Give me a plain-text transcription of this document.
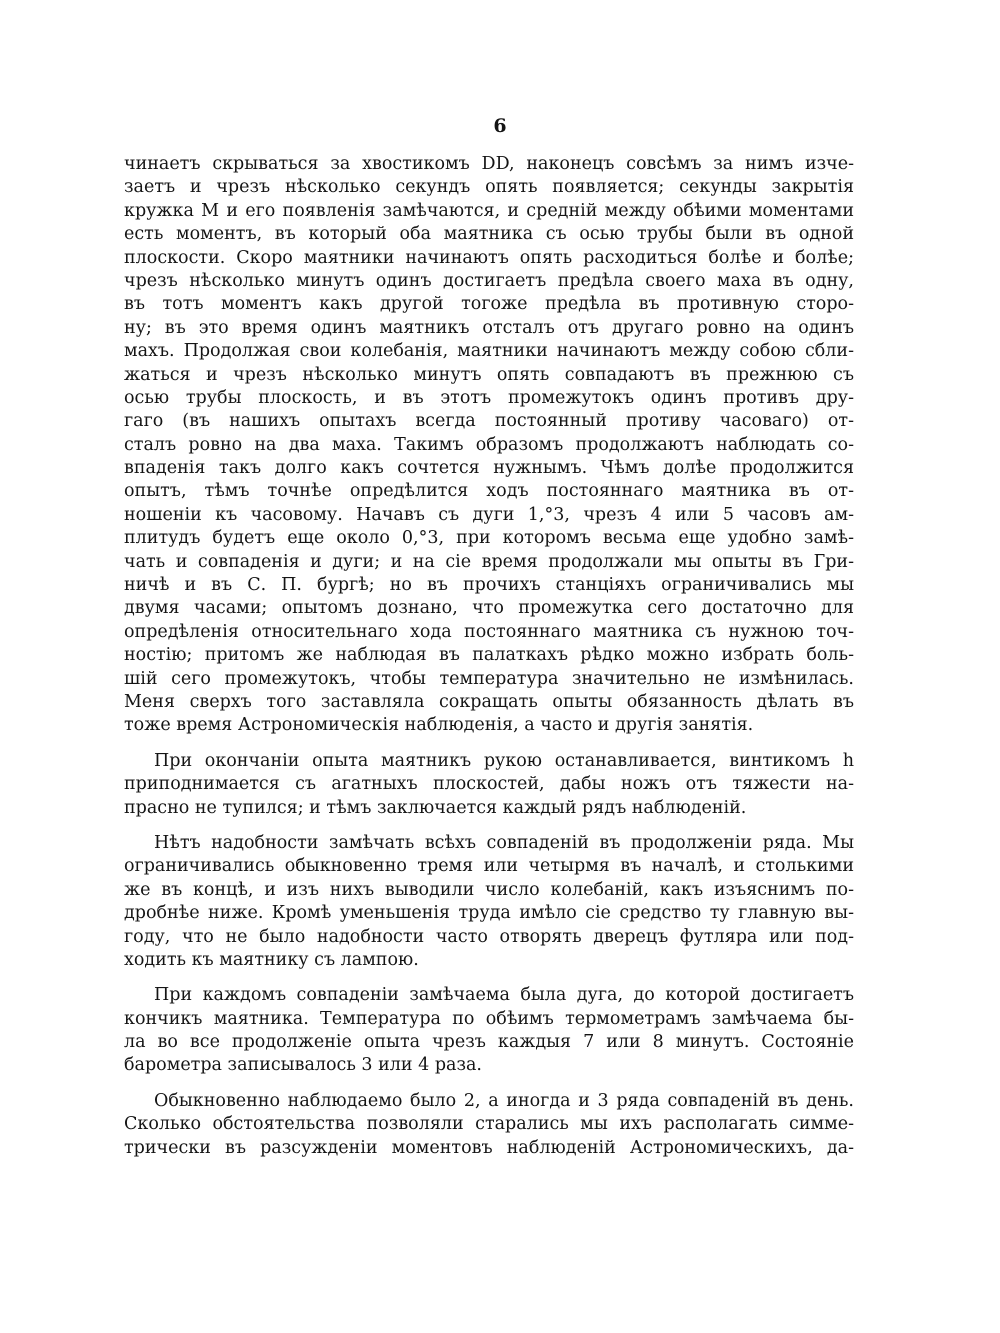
6
чинаетъ скрываться за хвостикомъ DD, наконецъ совсѣмъ за нимъ изче-
заетъ и чрезъ нѣсколько секундъ опять появляется; секунды закрытія
кружка M и его появленія замѣчаются, и средній между обѣими моментами
есть моментъ, въ который оба маятника съ осью трубы были въ одной
плоскости. Скоро маятники начинаютъ опять расходиться болѣе и болѣе;
чрезъ нѣсколько минутъ одинъ достигаетъ предѣла своего маха въ одну,
въ тотъ моментъ какъ другой тогоже предѣла въ противную сторо-
ну; въ это время одинъ маятникъ отсталъ отъ другаго ровно на одинъ
махъ. Продолжая свои колебанія, маятники начинаютъ между собою сбли-
жаться и чрезъ нѣсколько минутъ опять совпадаютъ въ прежнюю съ
осью трубы плоскость, и въ этотъ промежутокъ одинъ противъ дру-
гаго (въ нашихъ опытахъ всегда постоянный противу часоваго) от-
сталъ ровно на два маха. Такимъ образомъ продолжаютъ наблюдать со-
впаденія такъ долго какъ сочтется нужнымъ. Чѣмъ долѣе продолжится
опытъ, тѣмъ точнѣе опредѣлится ходъ постояннаго маятника въ от-
ношеніи къ часовому. Начавъ съ дуги 1,°3, чрезъ 4 или 5 часовъ ам-
плитудъ будетъ еще около 0,°3, при которомъ весьма еще удобно замѣ-
чать и совпаденія и дуги; и на сіе время продолжали мы опыты въ Гри-
ничѣ и въ С. П. бургѣ; но въ прочихъ станціяхъ ограничивались мы
двумя часами; опытомъ дознано, что промежутка сего достаточно для
опредѣленія относительнаго хода постояннаго маятника съ нужною точ-
ностію; притомъ же наблюдая въ палаткахъ рѣдко можно избрать боль-
шій сего промежутокъ, чтобы температура значительно не измѣнилась.
Меня сверхъ того заставляла сокращать опыты обязанность дѣлать въ
тоже время Астрономическія наблюденія, а часто и другія занятія.
При окончаніи опыта маятникъ рукою останавливается, винтикомъ h
приподнимается съ агатныхъ плоскостей, дабы ножъ отъ тяжести на-
прасно не тупился; и тѣмъ заключается каждый рядъ наблюденій.
Нѣтъ надобности замѣчать всѣхъ совпаденій въ продолженіи ряда. Мы
ограничивались обыкновенно тремя или четырмя въ началѣ, и столькими
же въ концѣ, и изъ нихъ выводили число колебаній, какъ изъяснимъ по-
дробнѣе ниже. Кромѣ уменьшенія труда имѣло сіе средство ту главную вы-
году, что не было надобности часто отворять дверецъ футляра или под-
ходить къ маятнику съ лампою.
При каждомъ совпаденіи замѣчаема была дуга, до которой достигаетъ
кончикъ маятника. Температура по обѣимъ термометрамъ замѣчаема бы-
ла во все продолженіе опыта чрезъ каждыя 7 или 8 минутъ. Состояніе
барометра записывалось 3 или 4 раза.
Обыкновенно наблюдаемо было 2, а иногда и 3 ряда совпаденій въ день.
Сколько обстоятельства позволяли старались мы ихъ располагать симме-
трически въ разсужденіи моментовъ наблюденій Астрономическихъ, да-
